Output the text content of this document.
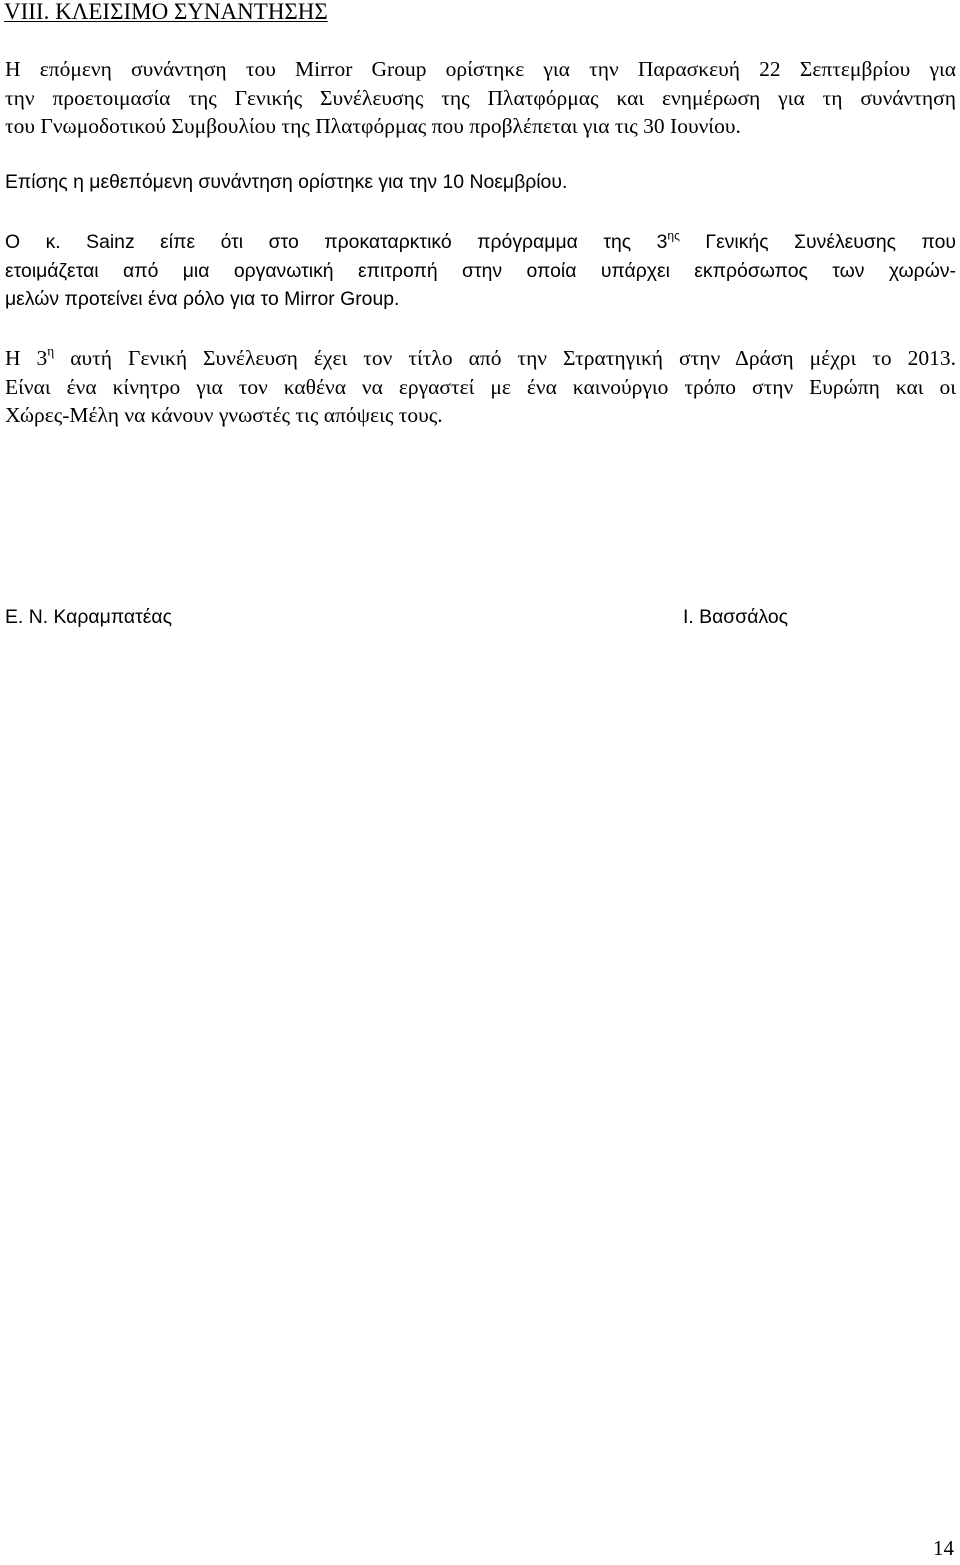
VIII. ΚΛΕΙΣΙΜΟ ΣΥΝΑΝΤΗΣΗΣ
Η επόμενη συνάντηση του Mirror Group ορίστηκε για την Παρασκευή 22 Σεπτεμβρίου για
την προετοιμασία της Γενικής Συνέλευσης της Πλατφόρμας και ενημέρωση για τη συνάντηση
του Γνωμοδοτικού Συμβουλίου της Πλατφόρμας που προβλέπεται για τις 30 Ιουνίου.
Επίσης η μεθεπόμενη συνάντηση ορίστηκε για την 10 Νοεμβρίου.
Ο κ. Sainz είπε ότι στο προκαταρκτικό πρόγραμμα της $3^{\eta\varsigma}$ Γενικής Συνέλευσης που
ετοιμάζεται από μια οργανωτική επιτροπή στην οποία υπάρχει εκπρόσωπος των χωρών-
μελών προτείνει ένα ρόλο για το Mirror Group.
Η $3^\eta$ αυτή Γενική Συνέλευση έχει τον τίτλο από την Στρατηγική στην Δράση μέχρι το 2013.
Είναι ένα κίνητρο για τον καθένα να εργαστεί με ένα καινούργιο τρόπο στην Ευρώπη και οι
Χώρες-Μέλη να κάνουν γνωστές τις απόψεις τους.
Ε. Ν. Καραμπατέας	Ι. Βασσάλος
14
